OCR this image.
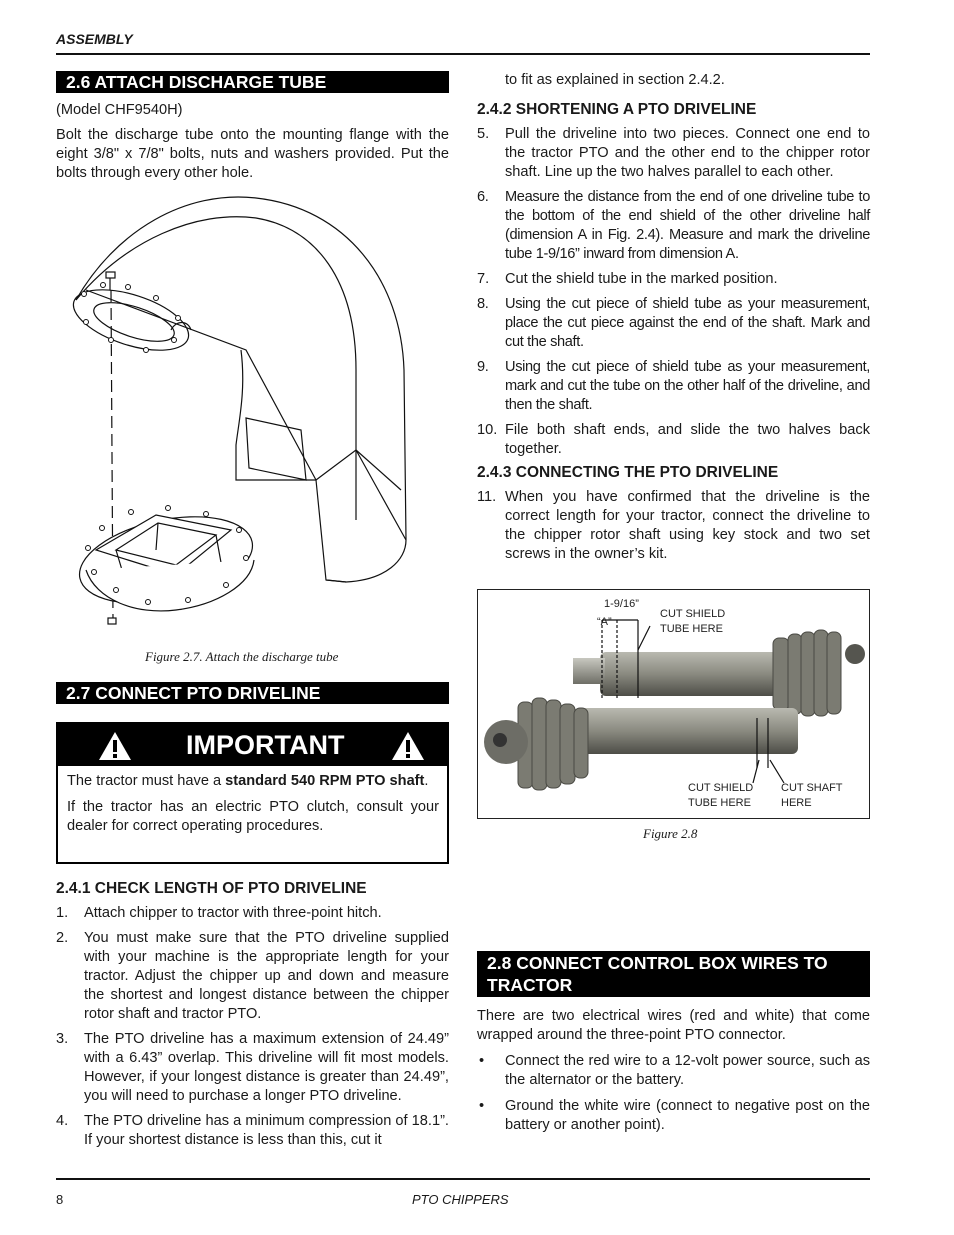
ASSEMBLY
2.6 ATTACH DISCHARGE TUBE

(Model CHF9540H)

Bolt the discharge tube onto the mounting flange with the eight 3/8" x 7/8" bolts, nuts and washers provided. Put the bolts through every other hole.

Figure 2.7. Attach the discharge tube
2.7 CONNECT PTO DRIVELINE
IMPORTANT

The tractor must have a standard 540 RPM PTO shaft.

If the tractor has an electric PTO clutch, consult your dealer for correct operating procedures.

2.4.1 CHECK LENGTH OF PTO DRIVELINE
1. Attach chipper to tractor with three-point hitch.
2. You must make sure that the PTO driveline supplied with your machine is the appropriate length for your tractor. Adjust the chipper up and down and measure the shortest and longest distance between the chipper rotor shaft and tractor PTO.
3. The PTO driveline has a maximum extension of 24.49” with a 6.43” overlap. This driveline will fit most models. However, if your longest distance is greater than 24.49”, you will need to purchase a longer PTO driveline.
4. The PTO driveline has a minimum compression of 18.1”. If your shortest distance is less than this, cut it

to fit as explained in section 2.4.2.

2.4.2 SHORTENING A PTO DRIVELINE
5. Pull the driveline into two pieces. Connect one end to the tractor PTO and the other end to the chipper rotor shaft. Line up the two halves parallel to each other.
6. Measure the distance from the end of one driveline tube to the bottom of the end shield of the other driveline half (dimension A in Fig. 2.4). Measure and mark the driveline tube 1-9/16” inward from dimension A.
7. Cut the shield tube in the marked position.
8. Using the cut piece of shield tube as your measurement, place the cut piece against the end of the shaft. Mark and cut the shaft.
9. Using the cut piece of shield tube as your measurement, mark and cut the tube on the other half of the driveline, and then the shaft.
10. File both shaft ends, and slide the two halves back together.
2.4.3 CONNECTING THE PTO DRIVELINE
11. When you have confirmed that the driveline is the correct length for your tractor, connect the driveline to the chipper rotor shaft using key stock and two set screws in the owner’s kit.
1-9/16”
“A”
CUT SHIELD
TUBE HERE
CUT SHIELD
TUBE HERE
CUT SHAFT
HERE
Figure 2.8
2.8 CONNECT CONTROL BOX WIRES TO
TRACTOR

There are two electrical wires (red and white) that come wrapped around the three-point PTO connector.

• Connect the red wire to a 12-volt power source, such as the alternator or the battery.
• Ground the white wire (connect to negative post on the battery or another point).
8	PTO CHIPPERS
